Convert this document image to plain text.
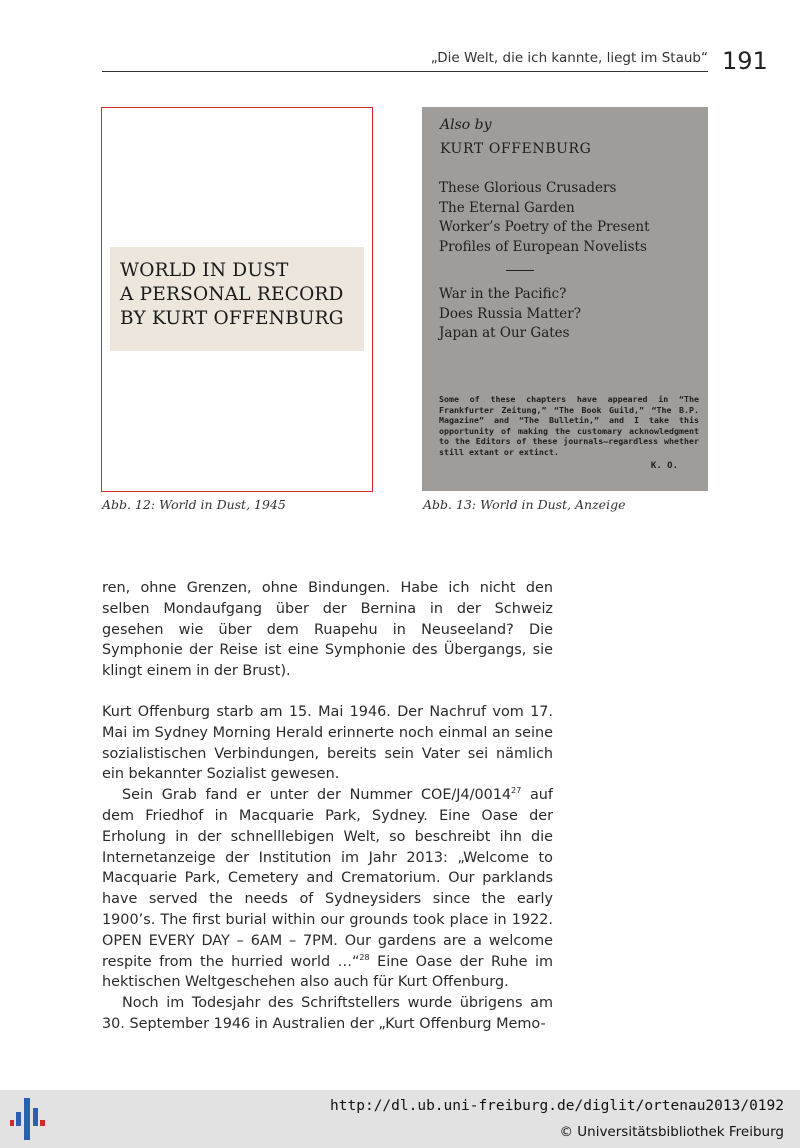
„Die Welt, die ich kannte, liegt im Staub“ 191
WORLD IN DUST
A PERSONAL RECORD
BY KURT OFFENBURG
Abb. 12: World in Dust, 1945
Also by
KURT OFFENBURG
These Glorious Crusaders
The Eternal Garden
Worker’s Poetry of the Present
Profiles of European Novelists
War in the Pacific?
Does Russia Matter?
Japan at Our Gates
Some of these chapters have appeared in “The Frankfurter Zeitung,” “The Book Guild,” “The B.P. Magazine” and “The Bulletin,” and I take this opportunity of making the customary acknowledgment to the Editors of these journals—regardless whether still extant or extinct.
K. O.
Abb. 13: World in Dust, Anzeige

ren, ohne Grenzen, ohne Bindungen. Habe ich nicht den selben Mondaufgang über der Bernina in der Schweiz gesehen wie über dem Ruapehu in Neuseeland? Die Symphonie der Reise ist eine Symphonie des Übergangs, sie klingt einem in der Brust).

Kurt Offenburg starb am 15. Mai 1946. Der Nachruf vom 17. Mai im Sydney Morning Herald erinnerte noch einmal an seine sozialistischen Verbindungen, bereits sein Vater sei nämlich ein bekannter Sozialist gewesen.

Sein Grab fand er unter der Nummer COE/J4/0014$^{27}$ auf dem Friedhof in Macquarie Park, Sydney. Eine Oase der Erholung in der schnelllebigen Welt, so beschreibt ihn die Internetanzeige der Institution im Jahr 2013: „Welcome to Macquarie Park, Cemetery and Crematorium. Our parklands have served the needs of Sydneysiders since the early 1900’s. The first burial within our grounds took place in 1922. OPEN EVERY DAY – 6AM – 7PM. Our gardens are a welcome respite from the hurried world …“$^{28}$ Eine Oase der Ruhe im hektischen Weltgeschehen also auch für Kurt Offenburg.

Noch im Todesjahr des Schriftstellers wurde übrigens am 30. September 1946 in Australien der „Kurt Offenburg Memo-

http://dl.ub.uni-freiburg.de/diglit/ortenau2013/0192
© Universitätsbibliothek Freiburg
